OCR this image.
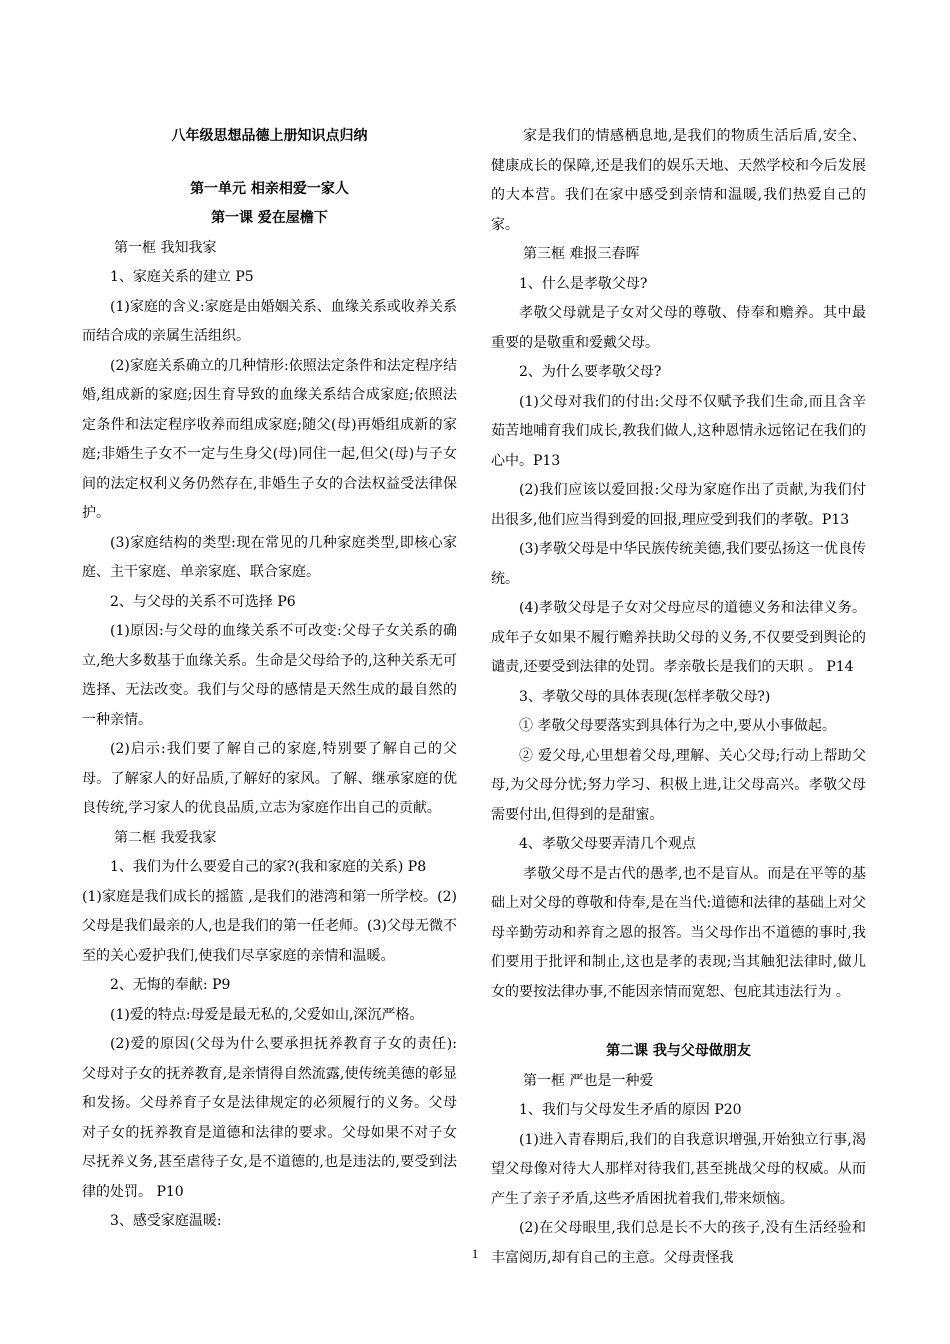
八年级思想品德上册知识点归纳

第一单元 相亲相爱一家人

第一课 爱在屋檐下

第一框 我知我家

1、家庭关系的建立 P5

(1)家庭的含义:家庭是由婚姻关系、血缘关系或收养关系而结合成的亲属生活组织。

(2)家庭关系确立的几种情形:依照法定条件和法定程序结婚,组成新的家庭;因生育导致的血缘关系结合成家庭;依照法定条件和法定程序收养而组成家庭;随父(母)再婚组成新的家庭;非婚生子女不一定与生身父(母)同住一起,但父(母)与子女间的法定权利义务仍然存在,非婚生子女的合法权益受法律保护。

(3)家庭结构的类型:现在常见的几种家庭类型,即核心家庭、主干家庭、单亲家庭、联合家庭。

2、与父母的关系不可选择 P6

(1)原因:与父母的血缘关系不可改变:父母子女关系的确立,绝大多数基于血缘关系。生命是父母给予的,这种关系无可选择、无法改变。我们与父母的感情是天然生成的最自然的一种亲情。

(2)启示:我们要了解自己的家庭,特别要了解自己的父母。了解家人的好品质,了解好的家风。了解、继承家庭的优良传统,学习家人的优良品质,立志为家庭作出自己的贡献。

第二框 我爱我家

1、我们为什么要爱自己的家?(我和家庭的关系) P8

(1)家庭是我们成长的摇篮 ,是我们的港湾和第一所学校。(2)父母是我们最亲的人,也是我们的第一任老师。(3)父母无微不至的关心爱护我们,使我们尽享家庭的亲情和温暖。

2、无悔的奉献: P9

(1)爱的特点:母爱是最无私的,父爱如山,深沉严格。

(2)爱的原因(父母为什么要承担抚养教育子女的责任): 父母对子女的抚养教育,是亲情得自然流露,使传统美德的彰显和发扬。父母养育子女是法律规定的必须履行的义务。父母对子女的抚养教育是道德和法律的要求。父母如果不对子女尽抚养义务,甚至虐待子女,是不道德的,也是违法的,要受到法律的处罚。 P10

3、感受家庭温暖:

家是我们的情感栖息地,是我们的物质生活后盾,安全、健康成长的保障,还是我们的娱乐天地、天然学校和今后发展的大本营。我们在家中感受到亲情和温暖,我们热爱自己的家。

第三框 难报三春晖

1、什么是孝敬父母?

孝敬父母就是子女对父母的尊敬、侍奉和赡养。其中最重要的是敬重和爱戴父母。

2、为什么要孝敬父母?

(1)父母对我们的付出:父母不仅赋予我们生命,而且含辛茹苦地哺育我们成长,教我们做人,这种恩情永远铭记在我们的心中。P13

(2)我们应该以爱回报:父母为家庭作出了贡献,为我们付出很多,他们应当得到爱的回报,理应受到我们的孝敬。P13

(3)孝敬父母是中华民族传统美德,我们要弘扬这一优良传统。

(4)孝敬父母是子女对父母应尽的道德义务和法律义务。成年子女如果不履行赡养扶助父母的义务,不仅要受到舆论的谴责,还要受到法律的处罚。孝亲敬长是我们的天职 。 P14

3、孝敬父母的具体表现(怎样孝敬父母?)

① 孝敬父母要落实到具体行为之中,要从小事做起。

② 爱父母,心里想着父母,理解、关心父母;行动上帮助父母,为父母分忧;努力学习、积极上进,让父母高兴。孝敬父母需要付出,但得到的是甜蜜。

4、孝敬父母要弄清几个观点

孝敬父母不是古代的愚孝,也不是盲从。而是在平等的基础上对父母的尊敬和侍奉,是在当代:道德和法律的基础上对父母辛勤劳动和养育之恩的报答。当父母作出不道德的事时,我们要用于批评和制止,这也是孝的表现;当其触犯法律时,做儿女的要按法律办事,不能因亲情而宽恕、包庇其违法行为 。

第二课 我与父母做朋友

第一框 严也是一种爱

1、我们与父母发生矛盾的原因 P20

(1)进入青春期后,我们的自我意识增强,开始独立行事,渴望父母像对待大人那样对待我们,甚至挑战父母的权威。从而产生了亲子矛盾,这些矛盾困扰着我们,带来烦恼。

(2)在父母眼里,我们总是长不大的孩子,没有生活经验和丰富阅历,却有自己的主意。父母责怪我

1
